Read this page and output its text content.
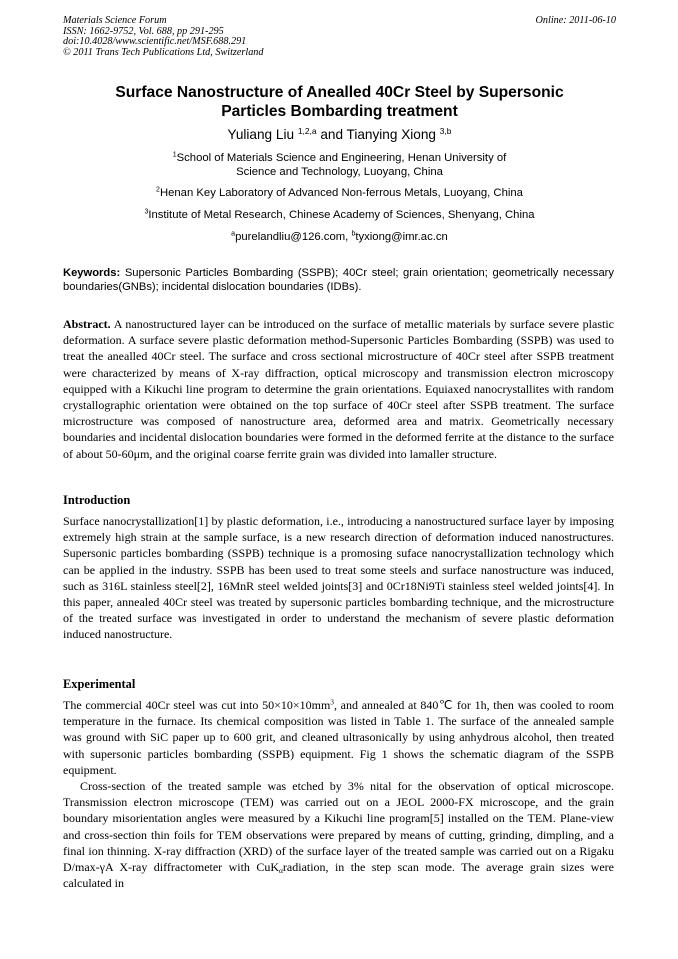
Materials Science Forum
ISSN: 1662-9752, Vol. 688, pp 291-295
doi:10.4028/www.scientific.net/MSF.688.291
© 2011 Trans Tech Publications Ltd, Switzerland
Online: 2011-06-10
Surface Nanostructure of Anealled 40Cr Steel by Supersonic
Particles Bombarding treatment
Yuliang Liu $^{1,2,a}$ and Tianying Xiong $^{3,b}$
$^1$School of Materials Science and Engineering, Henan University of
Science and Technology, Luoyang, China
$^2$Henan Key Laboratory of Advanced Non-ferrous Metals, Luoyang, China
$^3$Institute of Metal Research, Chinese Academy of Sciences, Shenyang, China
$^a$purelandliu@126.com, $^b$tyxiong@imr.ac.cn
Keywords: Supersonic Particles Bombarding (SSPB); 40Cr steel; grain orientation; geometrically necessary boundaries(GNBs); incidental dislocation boundaries (IDBs).
Abstract. A nanostructured layer can be introduced on the surface of metallic materials by surface severe plastic deformation. A surface severe plastic deformation method-Supersonic Particles Bombarding (SSPB) was used to treat the anealled 40Cr steel. The surface and cross sectional microstructure of 40Cr steel after SSPB treatment were characterized by means of X-ray diffraction, optical microscopy and transmission electron microscopy equipped with a Kikuchi line program to determine the grain orientations. Equiaxed nanocrystallites with random crystallographic orientation were obtained on the top surface of 40Cr steel after SSPB treatment. The surface microstructure was composed of nanostructure area, deformed area and matrix. Geometrically necessary boundaries and incidental dislocation boundaries were formed in the deformed ferrite at the distance to the surface of about 50-60μm, and the original coarse ferrite grain was divided into lamaller structure.
Introduction
Surface nanocrystallization[1] by plastic deformation, i.e., introducing a nanostructured surface layer by imposing extremely high strain at the sample surface, is a new research direction of deformation induced nanostructures. Supersonic particles bombarding (SSPB) technique is a promosing suface nanocrystallization technology which can be applied in the industry. SSPB has been used to treat some steels and surface nanostructure was induced, such as 316L stainless steel[2], 16MnR steel welded joints[3] and 0Cr18Ni9Ti stainless steel welded joints[4]. In this paper, annealed 40Cr steel was treated by supersonic particles bombarding technique, and the microstructure of the treated surface was investigated in order to understand the mechanism of severe plastic deformation induced nanostructure.
Experimental
The commercial 40Cr steel was cut into $50\times 10\times 10mm^3$, and annealed at 840℃ for 1h, then was cooled to room temperature in the furnace. Its chemical composition was listed in Table 1. The surface of the annealed sample was ground with SiC paper up to 600 grit, and cleaned ultrasonically by using anhydrous alcohol, then treated with supersonic particles bombarding (SSPB) equipment. Fig 1 shows the schematic diagram of the SSPB equipment.
Cross-section of the treated sample was etched by 3% nital for the observation of optical microscope. Transmission electron microscope (TEM) was carried out on a JEOL 2000-FX microscope, and the grain boundary misorientation angles were measured by a Kikuchi line program[5] installed on the TEM. Plane-view and cross-section thin foils for TEM observations were prepared by means of cutting, grinding, dimpling, and a final ion thinning. X-ray diffraction (XRD) of the surface layer of the treated sample was carried out on a Rigaku D/max-γA X-ray diffractometer with CuK$_\alpha$radiation, in the step scan mode. The average grain sizes were calculated in
